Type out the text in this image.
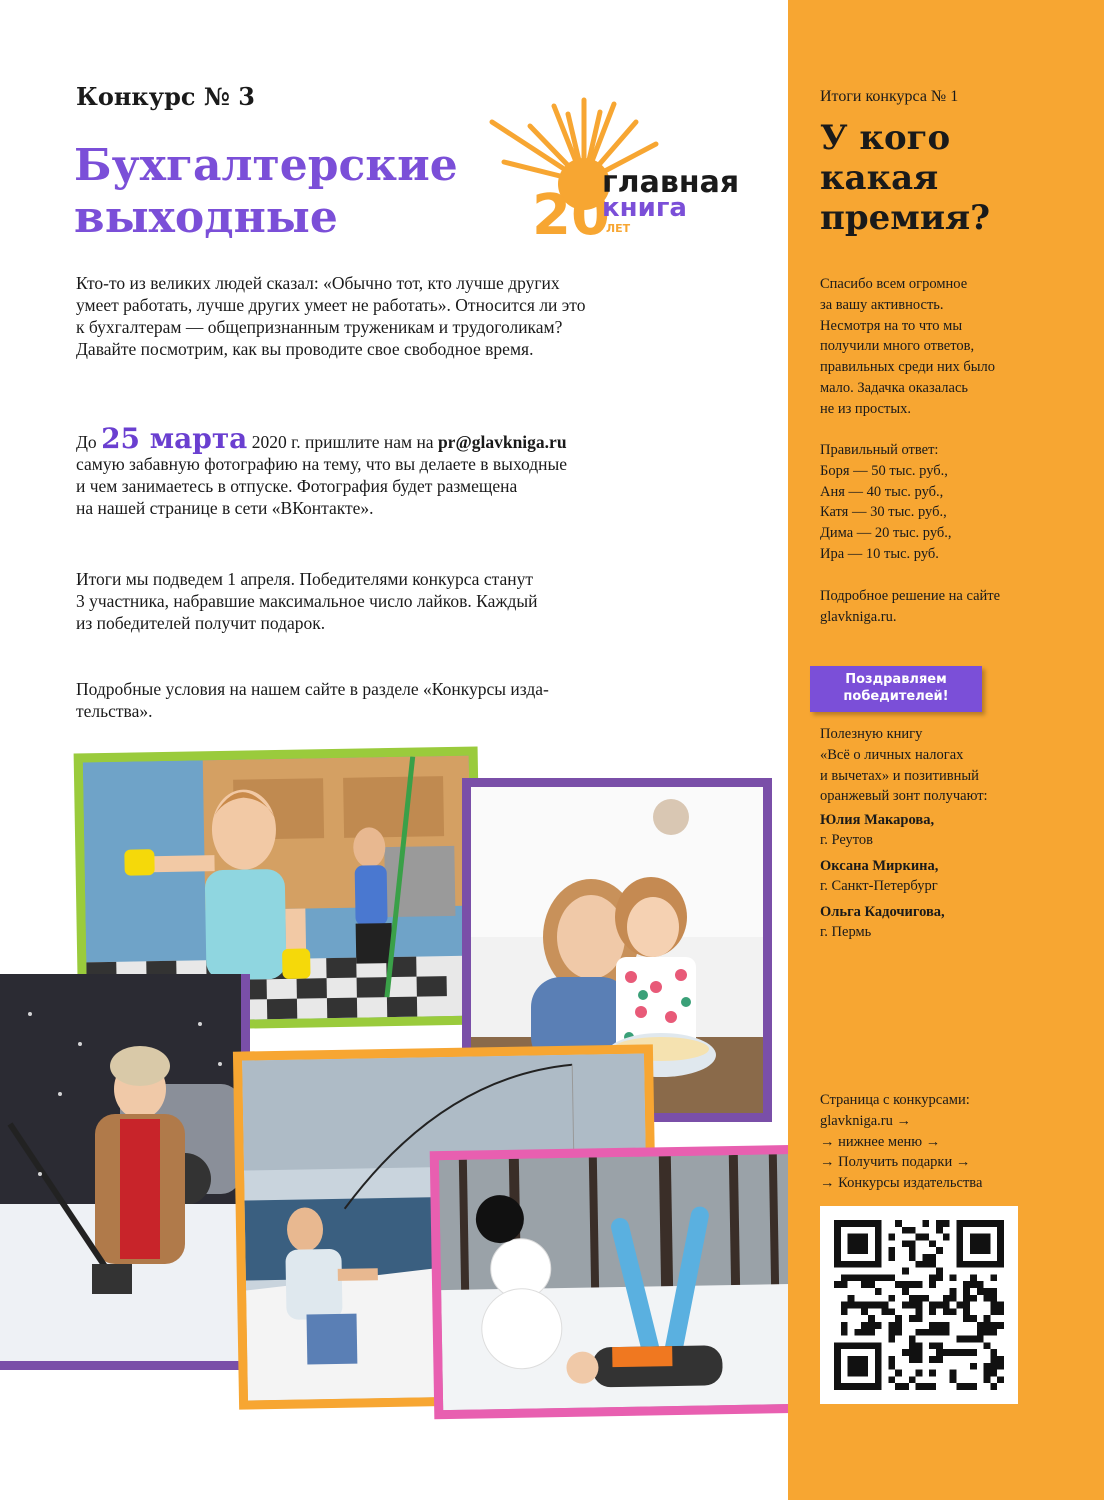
Конкурс № 3
Бухгалтерские
выходные	20
главная
книга
ЛЕТ
Кто-то из великих людей сказал: «Обычно тот, кто лучше других
умеет работать, лучше других умеет не работать». Относится ли это
к бухгалтерам — общепризнанным труженикам и трудоголикам?
Давайте посмотрим, как вы проводите свое свободное время.
До 25 марта 2020 г. пришлите нам на pr@glavkniga.ru
самую забавную фотографию на тему, что вы делаете в выходные
и чем занимаетесь в отпуске. Фотография будет размещена
на нашей странице в сети «ВКонтакте».
Итоги мы подведем 1 апреля. Победителями конкурса станут
3 участника, набравшие максимальное число лайков. Каждый
из победителей получит подарок.
Подробные условия на нашем сайте в разделе «Конкурсы изда-
тельства».
Итоги конкурса № 1
У кого
какая
премия?
Спасибо всем огромное
за вашу активность.
Несмотря на то что мы
получили много ответов,
правильных среди них было
мало. Задачка оказалась
не из простых.
Правильный ответ:
Боря — 50 тыс. руб.,
Аня — 40 тыс. руб.,
Катя — 30 тыс. руб.,
Дима — 20 тыс. руб.,
Ира — 10 тыс. руб.
Подробное решение на сайте
glavkniga.ru.
Поздравляем
победителей!
Полезную книгу
«Всё о личных налогах
и вычетах» и позитивный
оранжевый зонт получают:
Юлия Макарова,
г. Реутов
Оксана Миркина,
г. Санкт-Петербург
Ольга Кадочигова,
г. Пермь
Страница с конкурсами:
glavkniga.ru →
→ нижнее меню →
→ Получить подарки →
→ Конкурсы издательства
